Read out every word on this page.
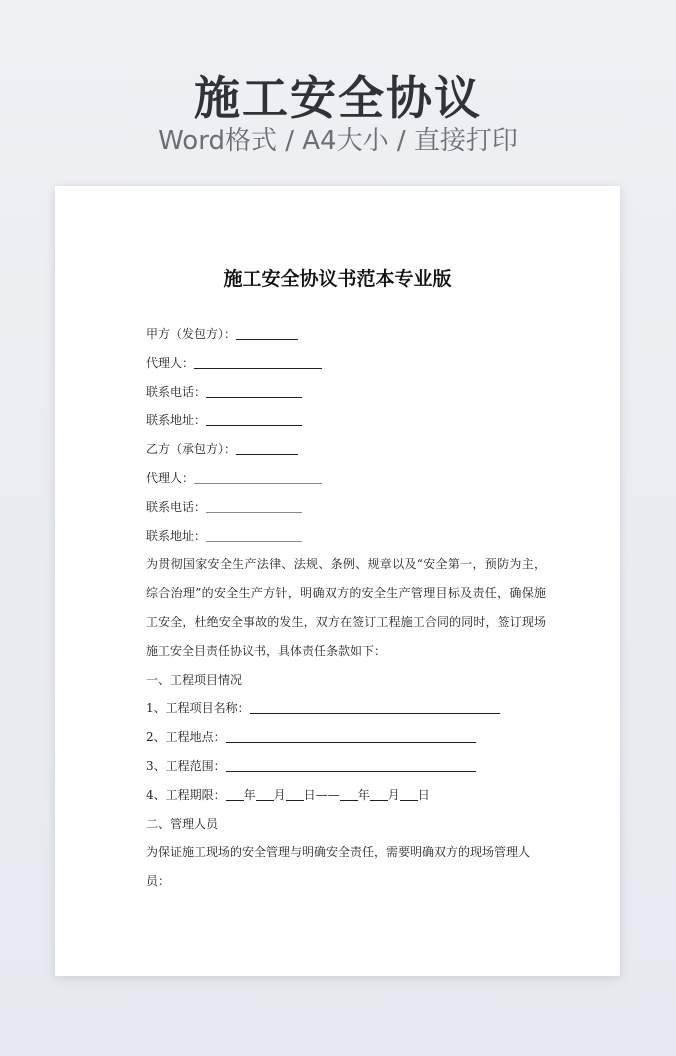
施工安全协议
Word格式 / A4大小 / 直接打印
施工安全协议书范本专业版
甲方（发包方）：
代理人：
联系电话：
联系地址：
乙方（承包方）：
代理人：
联系电话：
联系地址：
为贯彻国家安全生产法律、法规、条例、规章以及“安全第一，预防为主，综合治理”的安全生产方针，明确双方的安全生产管理目标及责任，确保施工安全，杜绝安全事故的发生，双方在签订工程施工合同的同时，签订现场施工安全目责任协议书，具体责任条款如下：
一、工程项目情况
1、工程项目名称：
2、工程地点：
3、工程范围：
4、工程期限： 年 月 日—— 年 月 日
二、管理人员
为保证施工现场的安全管理与明确安全责任，需要明确双方的现场管理人员：
